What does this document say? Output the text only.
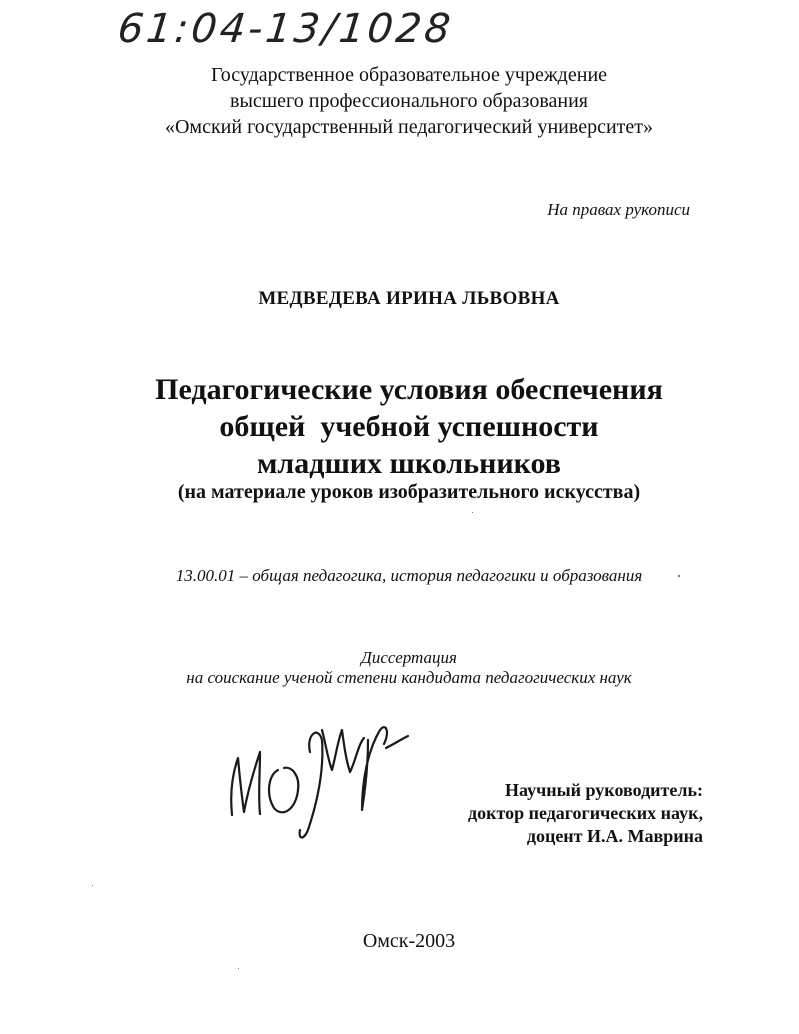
61:04-13/1028
Государственное образовательное учреждение
высшего профессионального образования
«Омский государственный педагогический университет»
На правах рукописи
МЕДВЕДЕВА ИРИНА ЛЬВОВНА
Педагогические условия обеспечения
общей  учебной успешности
младших школьников
(на материале уроков изобразительного искусства)
13.00.01 – общая педагогика, история педагогики и образования
Диссертация
на соискание ученой степени кандидата педагогических наук
Научный руководитель:
доктор педагогических наук,
доцент И.А. Маврина
Омск-2003
